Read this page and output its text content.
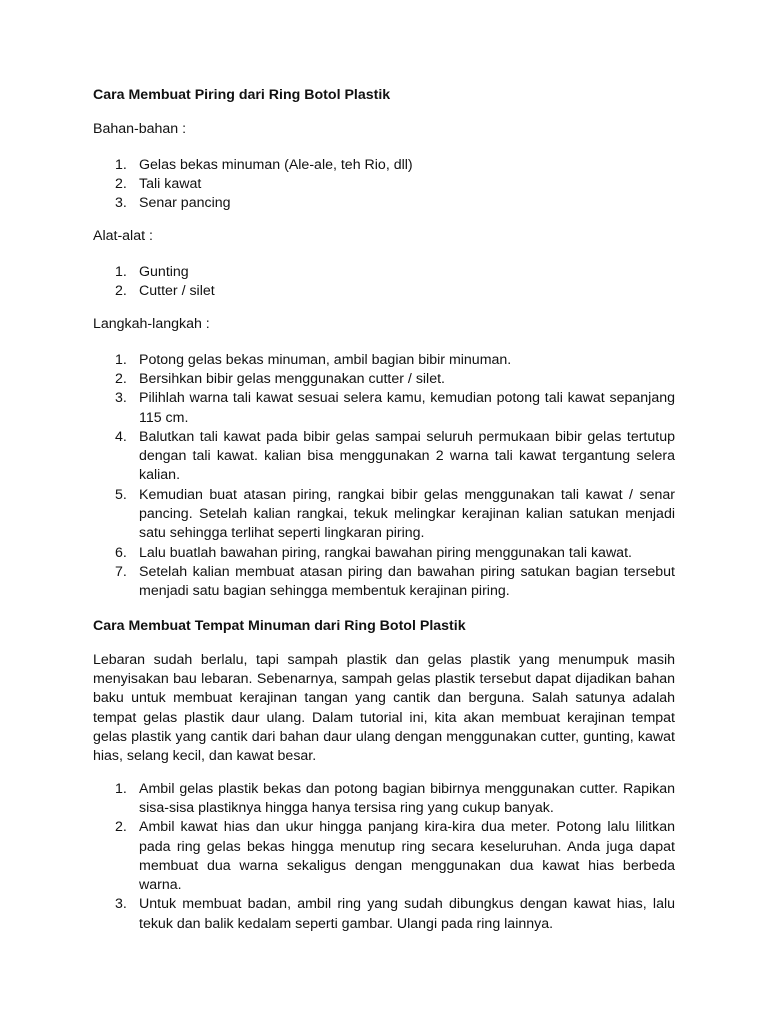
Cara Membuat Piring dari Ring Botol Plastik

Bahan-bahan :

1. Gelas bekas minuman (Ale-ale, teh Rio, dll)
2. Tali kawat
3. Senar pancing

Alat-alat :

1. Gunting
2. Cutter / silet

Langkah-langkah :

1. Potong gelas bekas minuman, ambil bagian bibir minuman.
2. Bersihkan bibir gelas menggunakan cutter / silet.
3. Pilihlah warna tali kawat sesuai selera kamu, kemudian potong tali kawat sepanjang 115 cm.
4. Balutkan tali kawat pada bibir gelas sampai seluruh permukaan bibir gelas tertutup dengan tali kawat. kalian bisa menggunakan 2 warna tali kawat tergantung selera kalian.
5. Kemudian buat atasan piring, rangkai bibir gelas menggunakan tali kawat / senar pancing. Setelah kalian rangkai, tekuk melingkar kerajinan kalian satukan menjadi satu sehingga terlihat seperti lingkaran piring.
6. Lalu buatlah bawahan piring, rangkai bawahan piring menggunakan tali kawat.
7. Setelah kalian membuat atasan piring dan bawahan piring satukan bagian tersebut menjadi satu bagian sehingga membentuk kerajinan piring.

Cara Membuat Tempat Minuman dari Ring Botol Plastik

Lebaran sudah berlalu, tapi sampah plastik dan gelas plastik yang menumpuk masih menyisakan bau lebaran. Sebenarnya, sampah gelas plastik tersebut dapat dijadikan bahan baku untuk membuat kerajinan tangan yang cantik dan berguna. Salah satunya adalah tempat gelas plastik daur ulang. Dalam tutorial ini, kita akan membuat kerajinan tempat gelas plastik yang cantik dari bahan daur ulang dengan menggunakan cutter, gunting, kawat hias, selang kecil, dan kawat besar.

1. Ambil gelas plastik bekas dan potong bagian bibirnya menggunakan cutter. Rapikan sisa-sisa plastiknya hingga hanya tersisa ring yang cukup banyak.
2. Ambil kawat hias dan ukur hingga panjang kira-kira dua meter. Potong lalu lilitkan pada ring gelas bekas hingga menutup ring secara keseluruhan. Anda juga dapat membuat dua warna sekaligus dengan menggunakan dua kawat hias berbeda warna.
3. Untuk membuat badan, ambil ring yang sudah dibungkus dengan kawat hias, lalu tekuk dan balik kedalam seperti gambar. Ulangi pada ring lainnya.
